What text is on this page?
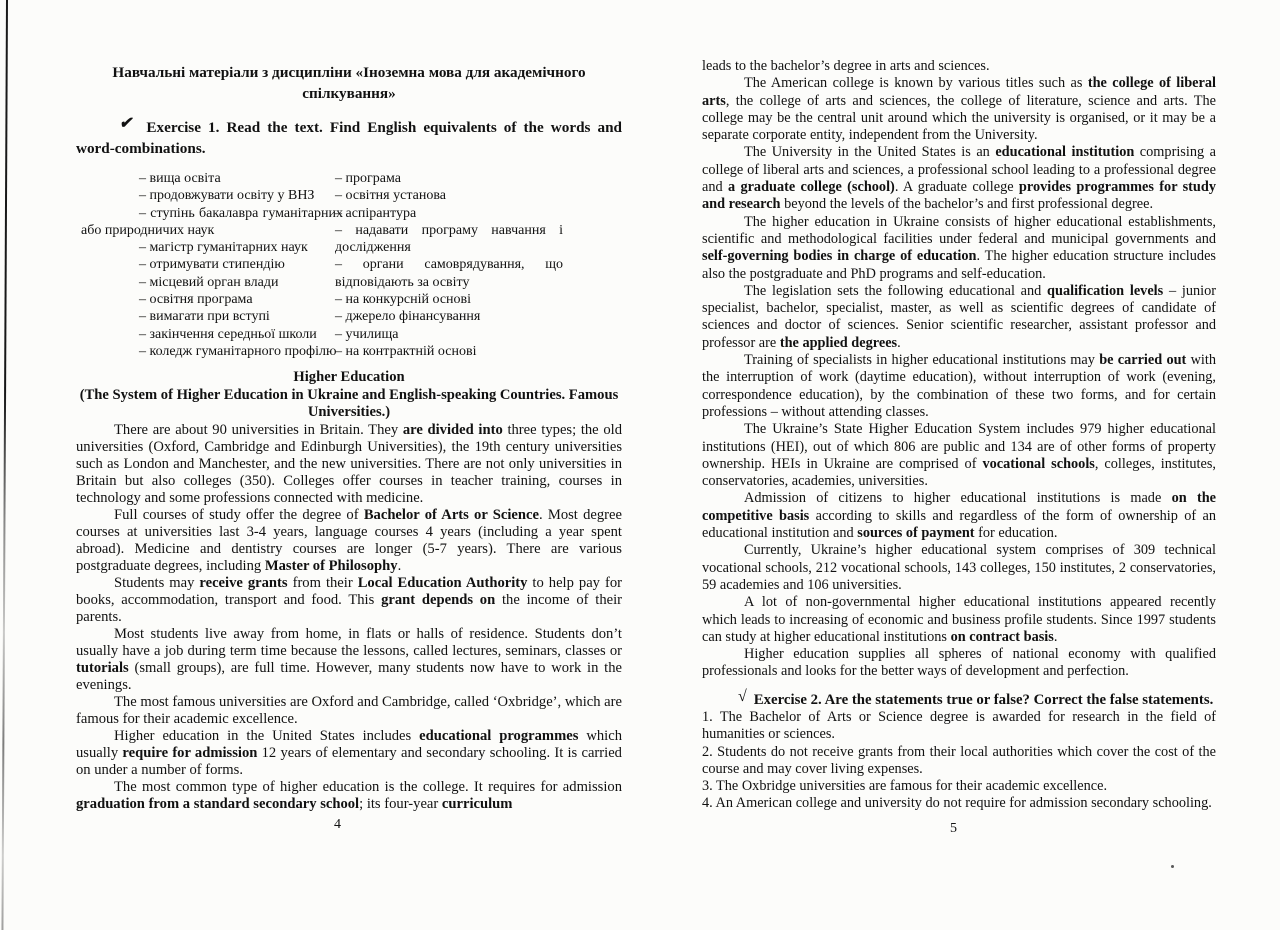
Навчальні матеріали з дисципліни «Іноземна мова для академічного спілкування»

✔ Exercise 1. Read the text. Find English equivalents of the words and word-combinations.

– вища освіта

– продовжувати освіту у ВНЗ

– ступінь бакалавра гуманітарних або природничих наук

– магістр гуманітарних наук

– отримувати стипендію

– місцевий орган влади

– освітня програма

– вимагати при вступі

– закінчення середньої школи

– коледж гуманітарного профілю

– програма

– освітня установа

– аспірантура

– надавати програму навчання і дослідження

– органи самоврядування, що відповідають за освіту

– на конкурсній основі

– джерело фінансування

– училища

– на контрактній основі

Higher Education

(The System of Higher Education in Ukraine and English-speaking Countries. Famous Universities.)

There are about 90 universities in Britain. They are divided into three types; the old universities (Oxford, Cambridge and Edinburgh Universities), the 19th century universities such as London and Manchester, and the new universities. There are not only universities in Britain but also colleges (350). Colleges offer courses in teacher training, courses in technology and some professions connected with medicine.

Full courses of study offer the degree of Bachelor of Arts or Science. Most degree courses at universities last 3-4 years, language courses 4 years (including a year spent abroad). Medicine and dentistry courses are longer (5-7 years). There are various postgraduate degrees, including Master of Philosophy.

Students may receive grants from their Local Education Authority to help pay for books, accommodation, transport and food. This grant depends on the income of their parents.

Most students live away from home, in flats or halls of residence. Students don’t usually have a job during term time because the lessons, called lectures, seminars, classes or tutorials (small groups), are full time. However, many students now have to work in the evenings.

The most famous universities are Oxford and Cambridge, called ‘Oxbridge’, which are famous for their academic excellence.

Higher education in the United States includes educational programmes which usually require for admission 12 years of elementary and secondary schooling. It is carried on under a number of forms.

The most common type of higher education is the college. It requires for admission graduation from a standard secondary school; its four-year curriculum

4

leads to the bachelor’s degree in arts and sciences.

The American college is known by various titles such as the college of liberal arts, the college of arts and sciences, the college of literature, science and arts. The college may be the central unit around which the university is organised, or it may be a separate corporate entity, independent from the University.

The University in the United States is an educational institution comprising a college of liberal arts and sciences, a professional school leading to a professional degree and a graduate college (school). A graduate college provides programmes for study and research beyond the levels of the bachelor’s and first professional degree.

The higher education in Ukraine consists of higher educational establishments, scientific and methodological facilities under federal and municipal governments and self-governing bodies in charge of education. The higher education structure includes also the postgraduate and PhD programs and self-education.

The legislation sets the following educational and qualification levels – junior specialist, bachelor, specialist, master, as well as scientific degrees of candidate of sciences and doctor of sciences. Senior scientific researcher, assistant professor and professor are the applied degrees.

Training of specialists in higher educational institutions may be carried out with the interruption of work (daytime education), without interruption of work (evening, correspondence education), by the combination of these two forms, and for certain professions – without attending classes.

The Ukraine’s State Higher Education System includes 979 higher educational institutions (HEI), out of which 806 are public and 134 are of other forms of property ownership. HEIs in Ukraine are comprised of vocational schools, colleges, institutes, conservatories, academies, universities.

Admission of citizens to higher educational institutions is made on the competitive basis according to skills and regardless of the form of ownership of an educational institution and sources of payment for education.

Currently, Ukraine’s higher educational system comprises of 309 technical vocational schools, 212 vocational schools, 143 colleges, 150 institutes, 2 conservatories, 59 academies and 106 universities.

A lot of non-governmental higher educational institutions appeared recently which leads to increasing of economic and business profile students. Since 1997 students can study at higher educational institutions on contract basis.

Higher education supplies all spheres of national economy with qualified professionals and looks for the better ways of development and perfection.

√ Exercise 2. Are the statements true or false? Correct the false statements.

1. The Bachelor of Arts or Science degree is awarded for research in the field of humanities or sciences.

2. Students do not receive grants from their local authorities which cover the cost of the course and may cover living expenses.

3. The Oxbridge universities are famous for their academic excellence.

4. An American college and university do not require for admission secondary schooling.

5
